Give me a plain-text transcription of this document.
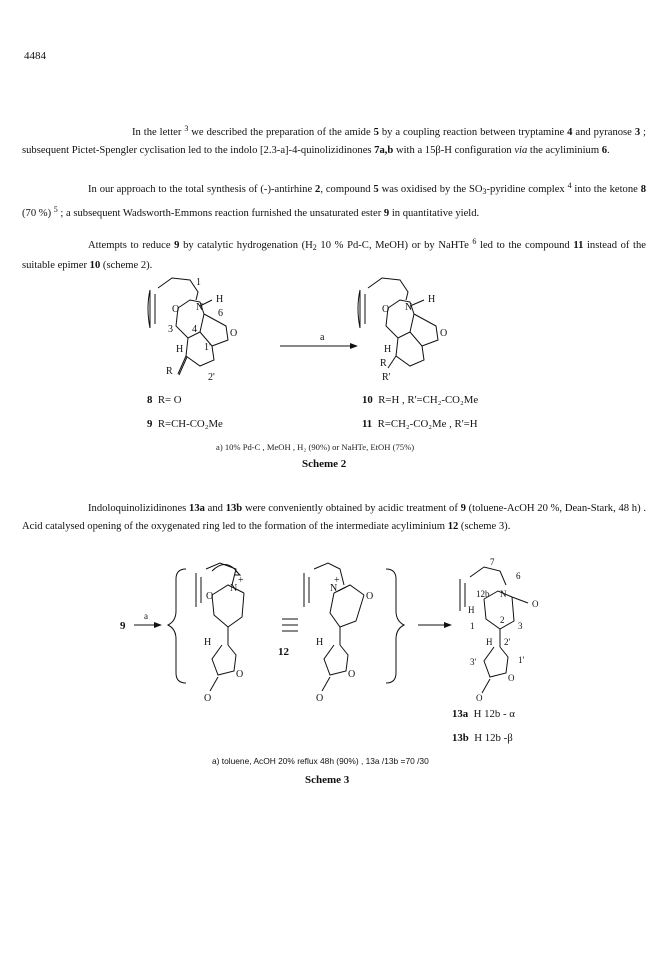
4484

In the letter $^3$ we described the preparation of the amide 5 by a coupling reaction between tryptamine 4 and pyranose 3 ; subsequent Pictet-Spengler cyclisation led to the indolo [2.3-a]-4-quinolizidinones 7a,b with a 15β-H configuration via the acyliminium 6.

In our approach to the total synthesis of (-)-antirhine 2, compound 5 was oxidised by the $SO_3$-pyridine complex $^4$ into the ketone 8 (70 %) $^5$ ; a subsequent Wadsworth-Emmons reaction furnished the unsaturated ester 9 in quantitative yield.

Attempts to reduce 9 by catalytic hydrogenation ($H_2$ 10 % Pd-C, MeOH) or by NaHTe $^6$ led to the compound 11 instead of the suitable epimer 10 (scheme 2).

1
N
H
6
O
3 4	O
H 1'
R
2'
a
N
H
O
O
H
R
R'
8 R= O
9 R=CH-CO₂Me
10 R=H , R'=CH₂-CO₂Me
11 R=CH₂-CO₂Me , R'=H
a) 10% Pd-C , MeOH , H₂ (90%) or NaHTe, EtOH (75%)
Scheme 2

Indoloquinolizidinones 13a and 13b were conveniently obtained by acidic treatment of 9 (toluene-AcOH 20 %, Dean-Stark, 48 h) . Acid catalysed opening of the oxygenated ring led to the formation of the intermediate acyliminium 12 (scheme 3).

9
a
N
+
O
H
O
O
N
+
O
H
O
O
12
7
6
12b N
O
H
1
2
3
H 2'
1'
3'
O
O
13a H 12b - α
13b H 12b -β
a) toluene, AcOH 20% reflux 48h (90%) , 13a /13b =70 /30
Scheme 3
